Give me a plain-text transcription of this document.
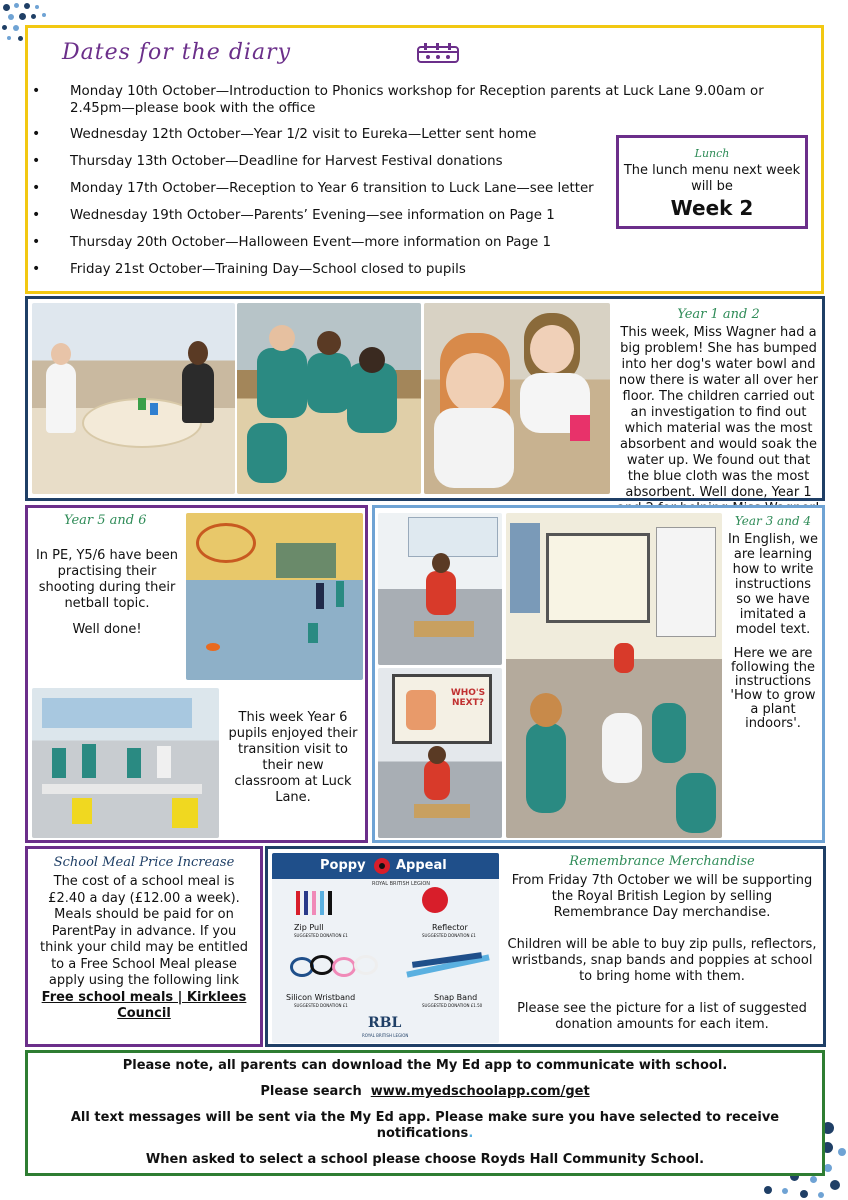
Dates for the diary
• Monday 10th October—Introduction to Phonics workshop for Reception parents at Luck Lane 9.00am or 2.45pm—please book with the office
• Wednesday 12th October—Year 1/2 visit to Eureka—Letter sent home
• Thursday 13th October—Deadline for Harvest Festival donations
• Monday 17th October—Reception to Year 6 transition to Luck Lane—see letter
• Wednesday 19th October—Parents’ Evening—see information on Page 1
• Thursday 20th October—Halloween Event—more information on Page 1
• Friday 21st October—Training Day—School closed to pupils
Lunch
The lunch menu next week will be
Week 2
Year 1 and 2
This week, Miss Wagner had a big problem! She has bumped into her dog's water bowl and now there is water all over her floor. The children carried out an investigation to find out which material was the most absorbent and would soak the water up. We found out that the blue cloth was the most absorbent. Well done, Year 1
Year 5 and 6
In PE, Y5/6 have been practising their shooting during their netball topic.
Well done!
This week Year 6 pupils enjoyed their transition visit to their new classroom at Luck Lane.
WHO'S NEXT?
Year 3 and 4
In English, we are learning how to write instructions so we have imitated a model text.
Here we are following the instructions 'How to grow a plant indoors'.
School Meal Price Increase
The cost of a school meal is £2.40 a day (£12.00 a week). Meals should be paid for on ParentPay in advance. If you think your child may be entitled to a Free School Meal please apply using the following link
Free school meals | Kirklees Council
Poppy Appeal
ROYAL BRITISH LEGION
Zip Pull
SUGGESTED DONATION £1
Reflector
SUGGESTED DONATION £1
Silicon Wristband
SUGGESTED DONATION £1
Snap Band
SUGGESTED DONATION £1.50
RBL
ROYAL BRITISH LEGION
Remembrance Merchandise
From Friday 7th October we will be supporting the Royal British Legion by selling Remembrance Day merchandise.
Children will be able to buy zip pulls, reflectors, wristbands, snap bands and poppies at school to bring home with them.
Please see the picture for a list of suggested donation amounts for each item.

Please note, all parents can download the My Ed app to communicate with school.

Please search www.myedschoolapp.com/get

All text messages will be sent via the My Ed app. Please make sure you have selected to receive notifications.

When asked to select a school please choose Royds Hall Community School.
